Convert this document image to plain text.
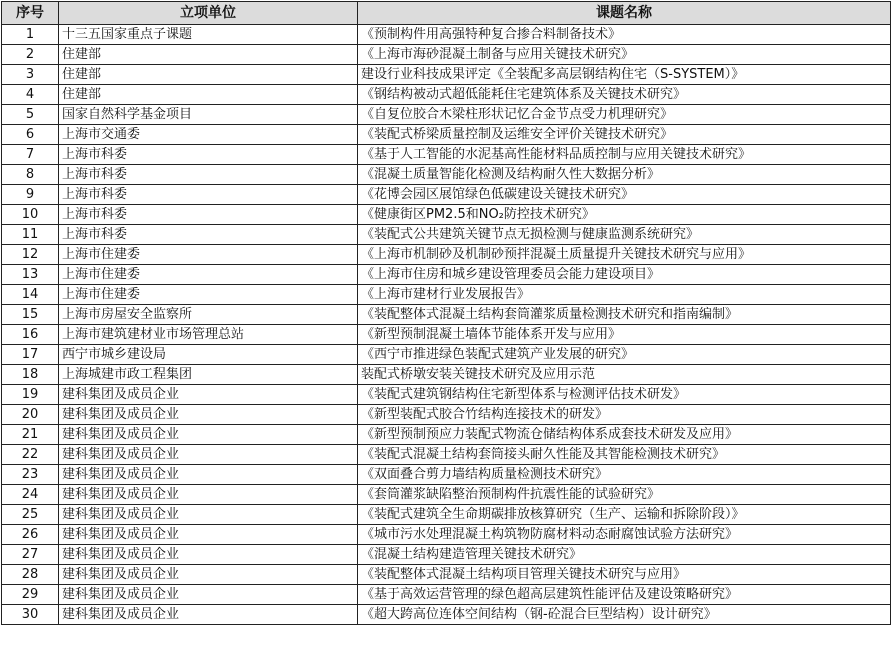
序号	立项单位	课题名称
1	十三五国家重点子课题	《预制构件用高强特种复合掺合料制备技术》
2	住建部	《上海市海砂混凝土制备与应用关键技术研究》
3	住建部	建设行业科技成果评定《全装配多高层钢结构住宅（S-SYSTEM）》
4	住建部	《钢结构被动式超低能耗住宅建筑体系及关键技术研究》
5	国家自然科学基金项目	《自复位胶合木梁柱形状记忆合金节点受力机理研究》
6	上海市交通委	《装配式桥梁质量控制及运维安全评价关键技术研究》
7	上海市科委	《基于人工智能的水泥基高性能材料品质控制与应用关键技术研究》
8	上海市科委	《混凝土质量智能化检测及结构耐久性大数据分析》
9	上海市科委	《花博会园区展馆绿色低碳建设关键技术研究》
10	上海市科委	《健康街区PM2.5和NO₂防控技术研究》
11	上海市科委	《装配式公共建筑关键节点无损检测与健康监测系统研究》
12	上海市住建委	《上海市机制砂及机制砂预拌混凝土质量提升关键技术研究与应用》
13	上海市住建委	《上海市住房和城乡建设管理委员会能力建设项目》
14	上海市住建委	《上海市建材行业发展报告》
15	上海市房屋安全监察所	《装配整体式混凝土结构套筒灌浆质量检测技术研究和指南编制》
16	上海市建筑建材业市场管理总站	《新型预制混凝土墙体节能体系开发与应用》
17	西宁市城乡建设局	《西宁市推进绿色装配式建筑产业发展的研究》
18	上海城建市政工程集团	装配式桥墩安装关键技术研究及应用示范
19	建科集团及成员企业	《装配式建筑钢结构住宅新型体系与检测评估技术研发》
20	建科集团及成员企业	《新型装配式胶合竹结构连接技术的研发》
21	建科集团及成员企业	《新型预制预应力装配式物流仓储结构体系成套技术研发及应用》
22	建科集团及成员企业	《装配式混凝土结构套筒接头耐久性能及其智能检测技术研究》
23	建科集团及成员企业	《双面叠合剪力墙结构质量检测技术研究》
24	建科集团及成员企业	《套筒灌浆缺陷整治预制构件抗震性能的试验研究》
25	建科集团及成员企业	《装配式建筑全生命期碳排放核算研究（生产、运输和拆除阶段）》
26	建科集团及成员企业	《城市污水处理混凝土构筑物防腐材料动态耐腐蚀试验方法研究》
27	建科集团及成员企业	《混凝土结构建造管理关键技术研究》
28	建科集团及成员企业	《装配整体式混凝土结构项目管理关键技术研究与应用》
29	建科集团及成员企业	《基于高效运营管理的绿色超高层建筑性能评估及建设策略研究》
30	建科集团及成员企业	《超大跨高位连体空间结构（钢-砼混合巨型结构）设计研究》
